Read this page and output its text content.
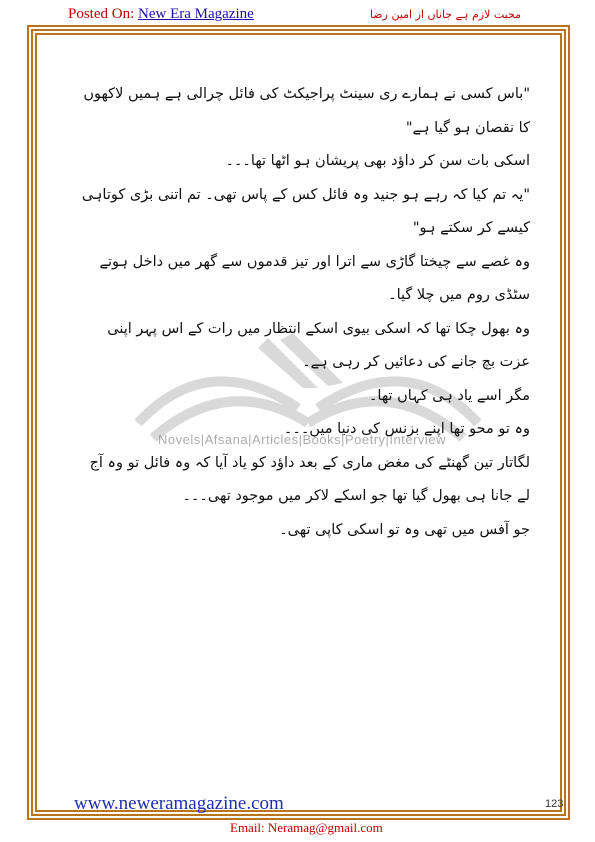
Posted On: New Era Magazine	محبت لازم ہے جاناں از امین رضا
Novels|Afsana|Articles|Books|Poetry|Interview

"باس کسی نے ہمارے ری سینٹ پراجیکٹ کی فائل چرالی ہے ہمیں لاکھوں کا نقصان ہو گیا ہے"

اسکی بات سن کر داؤد بھی پریشان ہو اٹھا تھا۔۔۔

"یہ تم کیا کہ رہے ہو جنید وہ فائل کس کے پاس تھی۔ تم اتنی بڑی کوتاہی کیسے کر سکتے ہو"

وہ غصے سے چیختا گاڑی سے اترا اور تیز قدموں سے گھر میں داخل ہوتے سٹڈی روم میں چلا گیا۔

وہ بھول چکا تھا کہ اسکی بیوی اسکے انتظار میں رات کے اس پہر اپنی عزت بچ جانے کی دعائیں کر رہی ہے۔

مگر اسے یاد ہی کہاں تھا۔

وہ تو محو تھا اپنے بزنس کی دنیا میں۔۔۔

لگاتار تین گھنٹے کی مغض ماری کے بعد داؤد کو یاد آیا کہ وہ فائل تو وہ آج لے جانا ہی بھول گیا تھا جو اسکے لاکر میں موجود تھی۔۔۔

جو آفس میں تھی وہ تو اسکی کاپی تھی۔

www.neweramagazine.com	123
Email: Neramag@gmail.com
